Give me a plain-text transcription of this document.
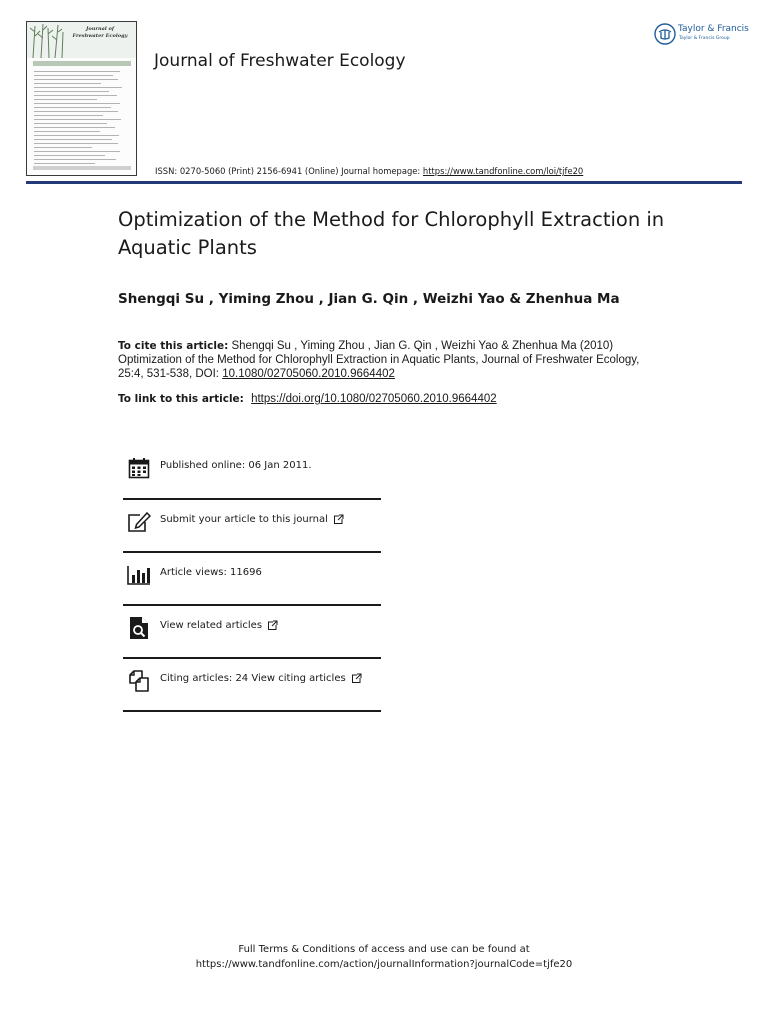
Journal of
Freshwater Ecology
Journal of Freshwater Ecology
ISSN: 0270-5060 (Print) 2156-6941 (Online) Journal homepage: https://www.tandfonline.com/loi/tjfe20
Taylor & Francis
Taylor & Francis Group
Optimization of the Method for Chlorophyll Extraction in Aquatic Plants

Shengqi Su , Yiming Zhou , Jian G. Qin , Weizhi Yao & Zhenhua Ma

To cite this article: Shengqi Su , Yiming Zhou , Jian G. Qin , Weizhi Yao & Zhenhua Ma (2010) Optimization of the Method for Chlorophyll Extraction in Aquatic Plants, Journal of Freshwater Ecology, 25:4, 531-538, DOI: 10.1080/02705060.2010.9664402
To link to this article: https://doi.org/10.1080/02705060.2010.9664402
Published online: 06 Jan 2011.
Submit your article to this journal
Article views: 11696
View related articles
Citing articles: 24 View citing articles
Full Terms & Conditions of access and use can be found at
https://www.tandfonline.com/action/journalInformation?journalCode=tjfe20
